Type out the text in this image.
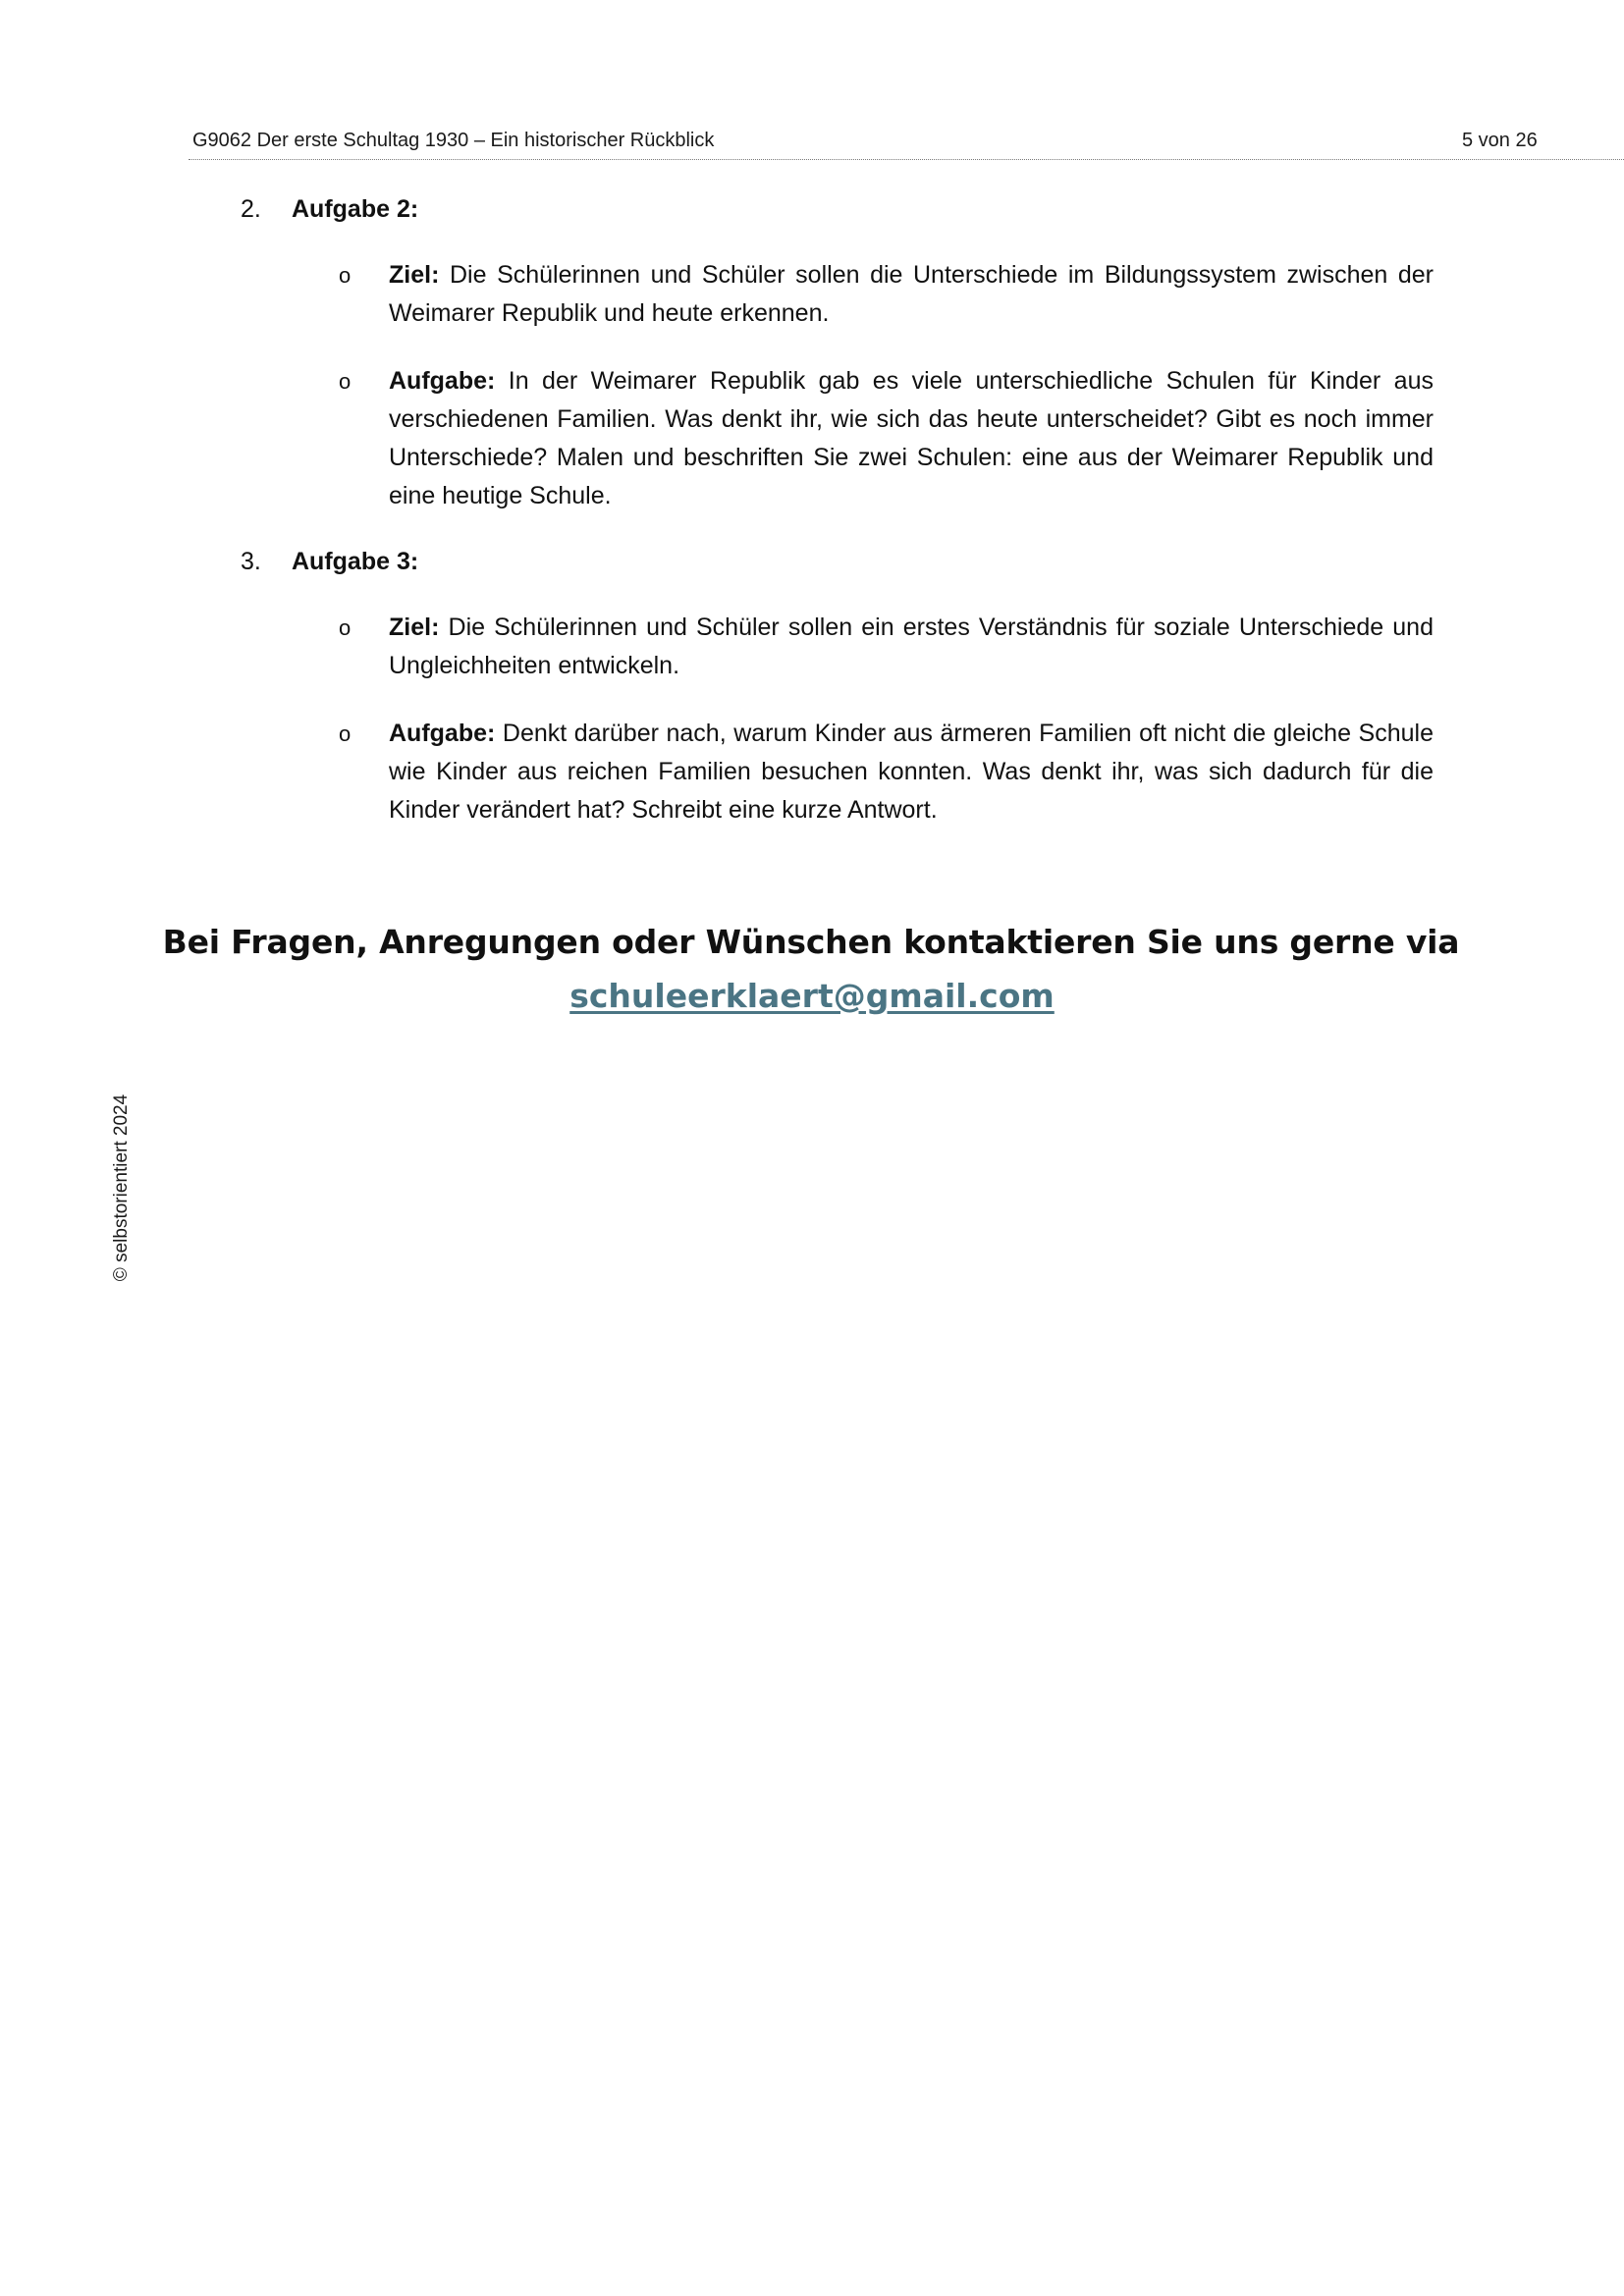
G9062 Der erste Schultag 1930 – Ein historischer Rückblick	5 von 26
© selbstorientiert 2024
2.	Aufgabe 2:
o Ziel: Die Schülerinnen und Schüler sollen die Unterschiede im Bildungssystem zwischen der Weimarer Republik und heute erkennen.
o Aufgabe: In der Weimarer Republik gab es viele unterschiedliche Schulen für Kinder aus verschiedenen Familien. Was denkt ihr, wie sich das heute unterscheidet? Gibt es noch immer Unterschiede? Malen und beschriften Sie zwei Schulen: eine aus der Weimarer Republik und eine heutige Schule.
3.	Aufgabe 3:
o Ziel: Die Schülerinnen und Schüler sollen ein erstes Verständnis für soziale Unterschiede und Ungleichheiten entwickeln.
o Aufgabe: Denkt darüber nach, warum Kinder aus ärmeren Familien oft nicht die gleiche Schule wie Kinder aus reichen Familien besuchen konnten. Was denkt ihr, was sich dadurch für die Kinder verändert hat? Schreibt eine kurze Antwort.
Bei Fragen, Anregungen oder Wünschen kontaktieren Sie uns gerne via
schuleerklaert@gmail.com
